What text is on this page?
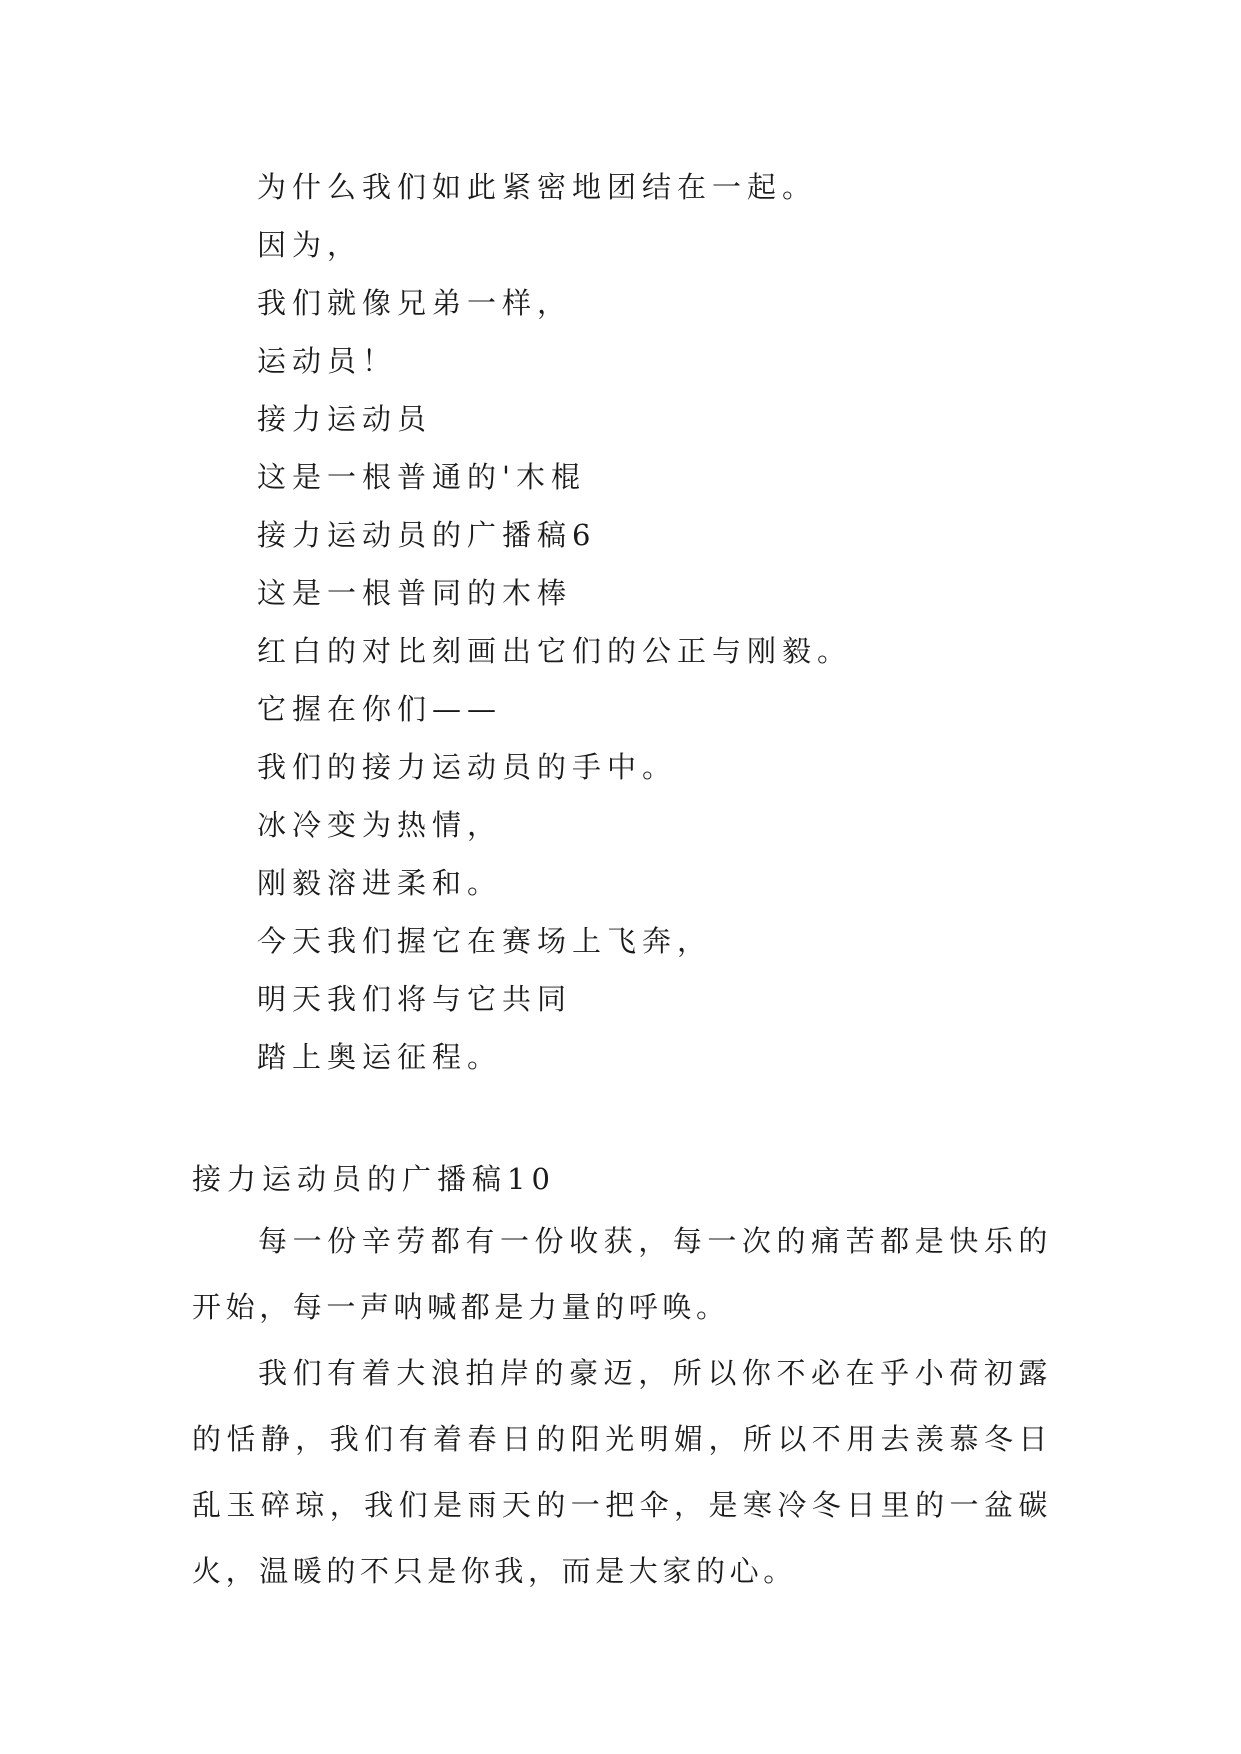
为什么我们如此紧密地团结在一起。
因为，
我们就像兄弟一样，
运动员！
接力运动员
这是一根普通的'木棍
接力运动员的广播稿6
这是一根普同的木棒
红白的对比刻画出它们的公正与刚毅。
它握在你们——
我们的接力运动员的手中。
冰冷变为热情，
刚毅溶进柔和。
今天我们握它在赛场上飞奔，
明天我们将与它共同
踏上奥运征程。
接力运动员的广播稿10

每一份辛劳都有一份收获，每一次的痛苦都是快乐的开始，每一声呐喊都是力量的呼唤。

我们有着大浪拍岸的豪迈，所以你不必在乎小荷初露的恬静，我们有着春日的阳光明媚，所以不用去羡慕冬日乱玉碎琼，我们是雨天的一把伞，是寒冷冬日里的一盆碳火，温暖的不只是你我，而是大家的心。
